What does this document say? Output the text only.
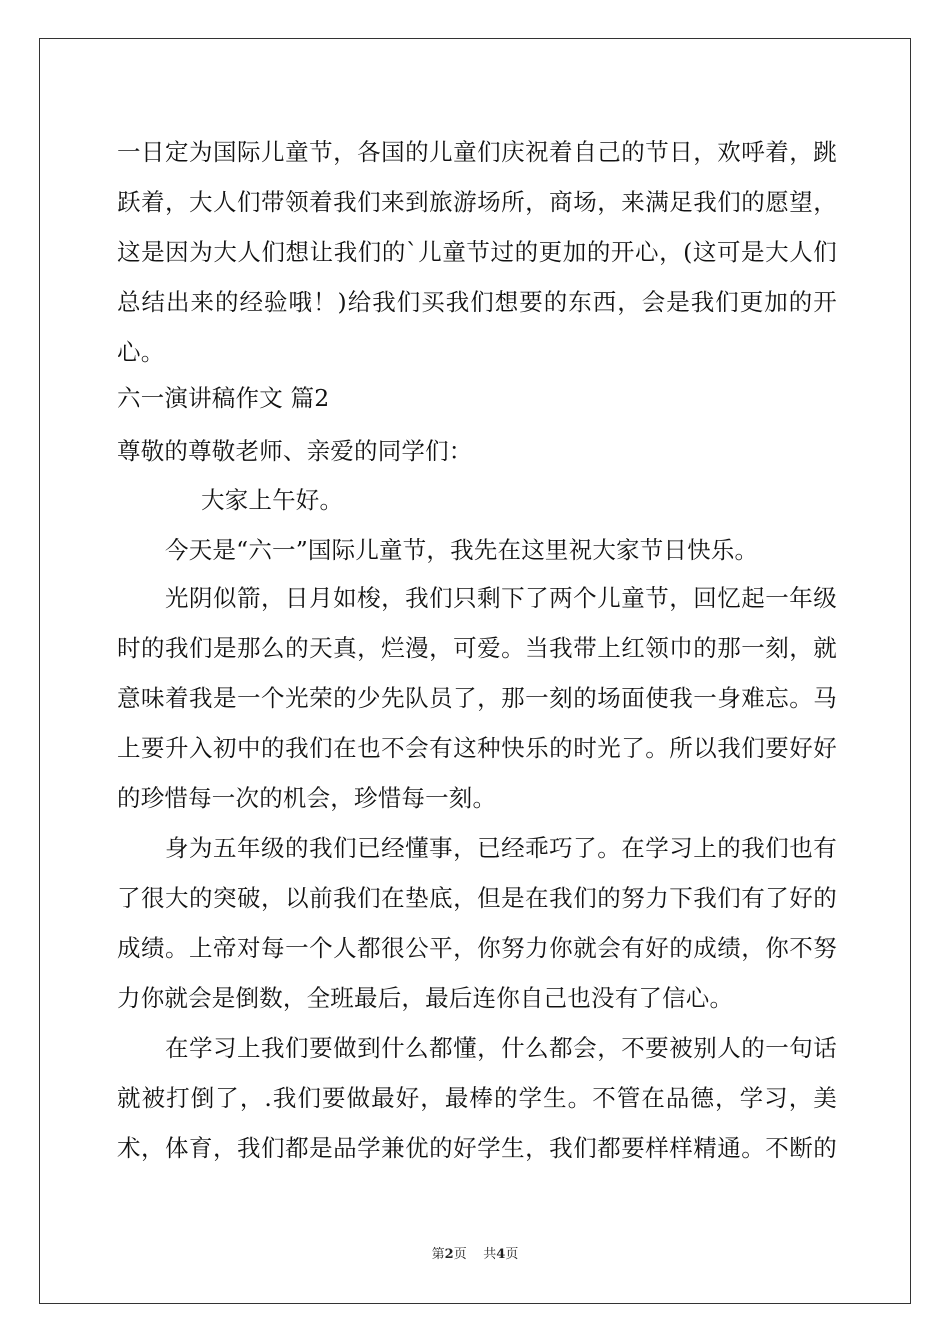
一日定为国际儿童节，各国的儿童们庆祝着自己的节日，欢呼着，跳
跃着，大人们带领着我们来到旅游场所，商场，来满足我们的愿望，
这是因为大人们想让我们的`儿童节过的更加的开心，(这可是大人们
总结出来的经验哦！)给我们买我们想要的东西，会是我们更加的开
心。
六一演讲稿作文 篇2
尊敬的尊敬老师、亲爱的同学们：
大家上午好。
今天是“六一”国际儿童节，我先在这里祝大家节日快乐。
光阴似箭，日月如梭，我们只剩下了两个儿童节，回忆起一年级
时的我们是那么的天真，烂漫，可爱。当我带上红领巾的那一刻，就
意味着我是一个光荣的少先队员了，那一刻的场面使我一身难忘。马
上要升入初中的我们在也不会有这种快乐的时光了。所以我们要好好
的珍惜每一次的机会，珍惜每一刻。
身为五年级的我们已经懂事，已经乖巧了。在学习上的我们也有
了很大的突破，以前我们在垫底，但是在我们的努力下我们有了好的
成绩。上帝对每一个人都很公平，你努力你就会有好的成绩，你不努
力你就会是倒数，全班最后，最后连你自己也没有了信心。
在学习上我们要做到什么都懂，什么都会，不要被别人的一句话
就被打倒了，.我们要做最好，最棒的学生。不管在品德，学习，美
术，体育，我们都是品学兼优的好学生，我们都要样样精通。不断的
第2页 共4页
